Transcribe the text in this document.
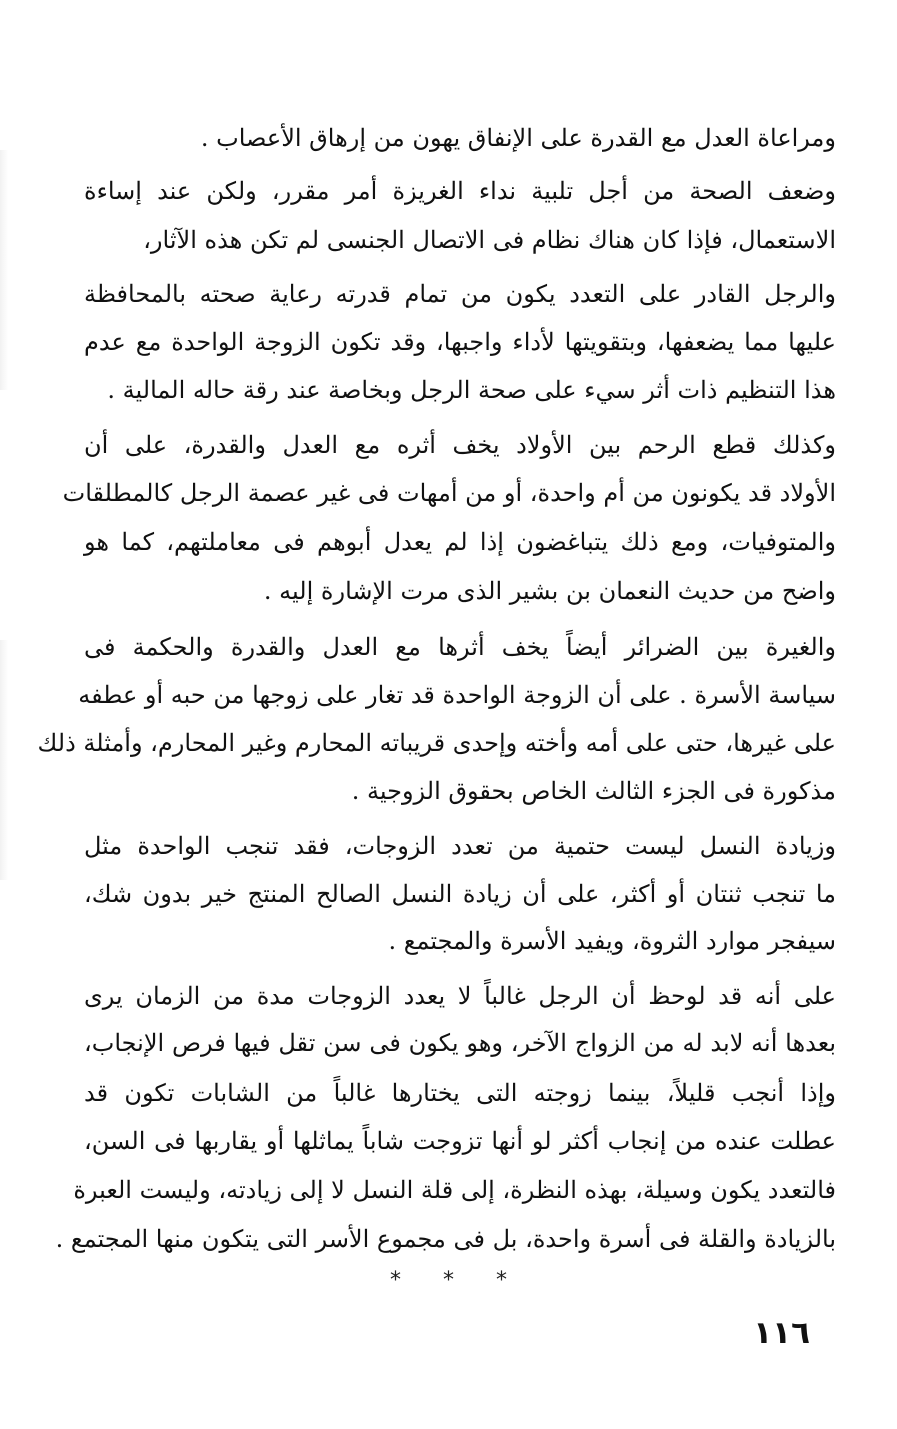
ومراعاة العدل مع القدرة على الإنفاق يهون من إرهاق الأعصاب .

وضعف الصحة من أجل تلبية نداء الغريزة أمر مقرر، ولكن عند إساءة

الاستعمال، فإذا كان هناك نظام فى الاتصال الجنسى لم تكن هذه الآثار،

والرجل القادر على التعدد يكون من تمام قدرته رعاية صحته بالمحافظة

عليها مما يضعفها، وبتقويتها لأداء واجبها، وقد تكون الزوجة الواحدة مع عدم

هذا التنظيم ذات أثر سيء على صحة الرجل وبخاصة عند رقة حاله المالية .

وكذلك قطع الرحم بين الأولاد يخف أثره مع العدل والقدرة، على أن

الأولاد قد يكونون من أم واحدة، أو من أمهات فى غير عصمة الرجل كالمطلقات

والمتوفيات، ومع ذلك يتباغضون إذا لم يعدل أبوهم فى معاملتهم، كما هو

واضح من حديث النعمان بن بشير الذى مرت الإشارة إليه .

والغيرة بين الضرائر أيضاً يخف أثرها مع العدل والقدرة والحكمة فى

سياسة الأسرة . على أن الزوجة الواحدة قد تغار على زوجها من حبه أو عطفه

على غيرها، حتى على أمه وأخته وإحدى قريباته المحارم وغير المحارم، وأمثلة ذلك

مذكورة فى الجزء الثالث الخاص بحقوق الزوجية .

وزيادة النسل ليست حتمية من تعدد الزوجات، فقد تنجب الواحدة مثل

ما تنجب ثنتان أو أكثر، على أن زيادة النسل الصالح المنتج خير بدون شك،

سيفجر موارد الثروة، ويفيد الأسرة والمجتمع .

على أنه قد لوحظ أن الرجل غالباً لا يعدد الزوجات مدة من الزمان يرى

بعدها أنه لابد له من الزواج الآخر، وهو يكون فى سن تقل فيها فرص الإنجاب،

وإذا أنجب قليلاً، بينما زوجته التى يختارها غالباً من الشابات تكون قد

عطلت عنده من إنجاب أكثر لو أنها تزوجت شاباً يماثلها أو يقاربها فى السن،

فالتعدد يكون وسيلة، بهذه النظرة، إلى قلة النسل لا إلى زيادته، وليست العبرة

بالزيادة والقلة فى أسرة واحدة، بل فى مجموع الأسر التى يتكون منها المجتمع .

* * *
١١٦
